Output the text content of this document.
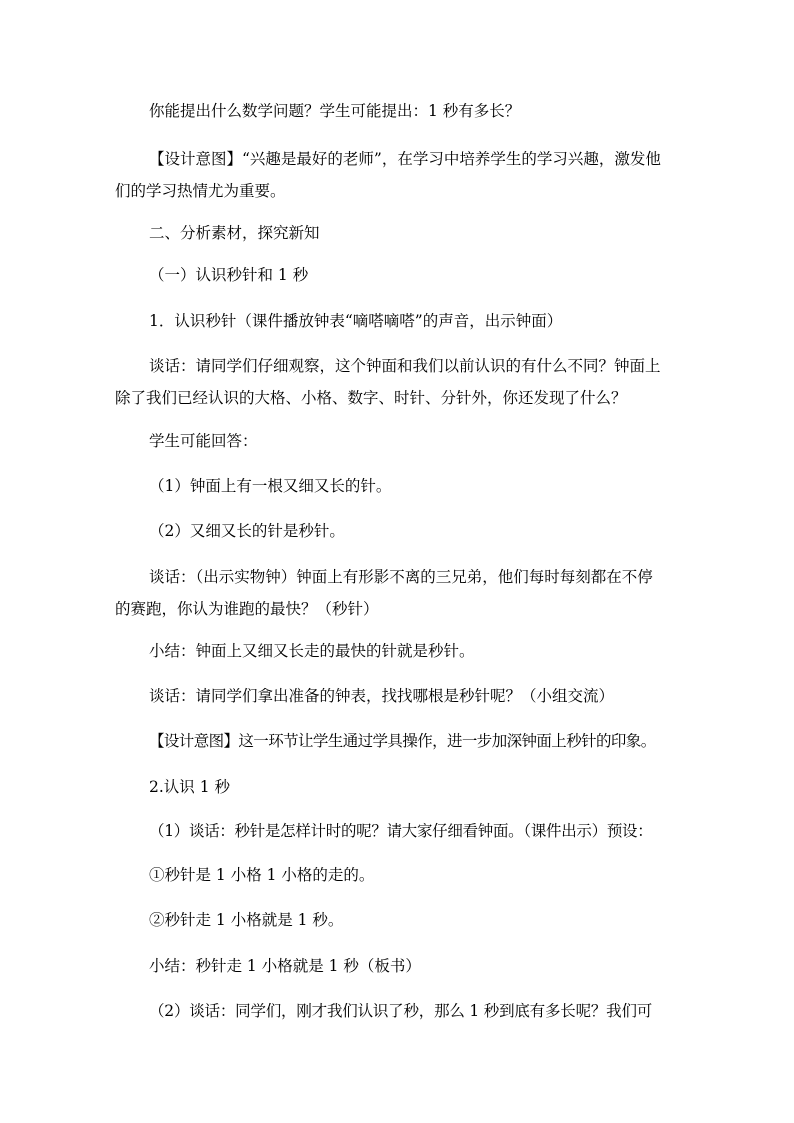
你能提出什么数学问题？学生可能提出：1 秒有多长？

【设计意图】“兴趣是最好的老师”，在学习中培养学生的学习兴趣，激发他
们的学习热情尤为重要。

二、分析素材，探究新知

（一）认识秒针和 1 秒

1．认识秒针（课件播放钟表“嘀嗒嘀嗒”的声音，出示钟面）

谈话：请同学们仔细观察，这个钟面和我们以前认识的有什么不同？钟面上
除了我们已经认识的大格、小格、数字、时针、分针外，你还发现了什么？

学生可能回答：

（1）钟面上有一根又细又长的针。

（2）又细又长的针是秒针。

谈话：（出示实物钟）钟面上有形影不离的三兄弟，他们每时每刻都在不停
的赛跑，你认为谁跑的最快？（秒针）

小结：钟面上又细又长走的最快的针就是秒针。

谈话：请同学们拿出准备的钟表，找找哪根是秒针呢？（小组交流）

【设计意图】这一环节让学生通过学具操作，进一步加深钟面上秒针的印象。

2.认识 1 秒

（1）谈话：秒针是怎样计时的呢？请大家仔细看钟面。（课件出示）预设：

①秒针是 1 小格 1 小格的走的。

②秒针走 1 小格就是 1 秒。

小结：秒针走 1 小格就是 1 秒（板书）

（2）谈话：同学们，刚才我们认识了秒，那么 1 秒到底有多长呢？我们可
